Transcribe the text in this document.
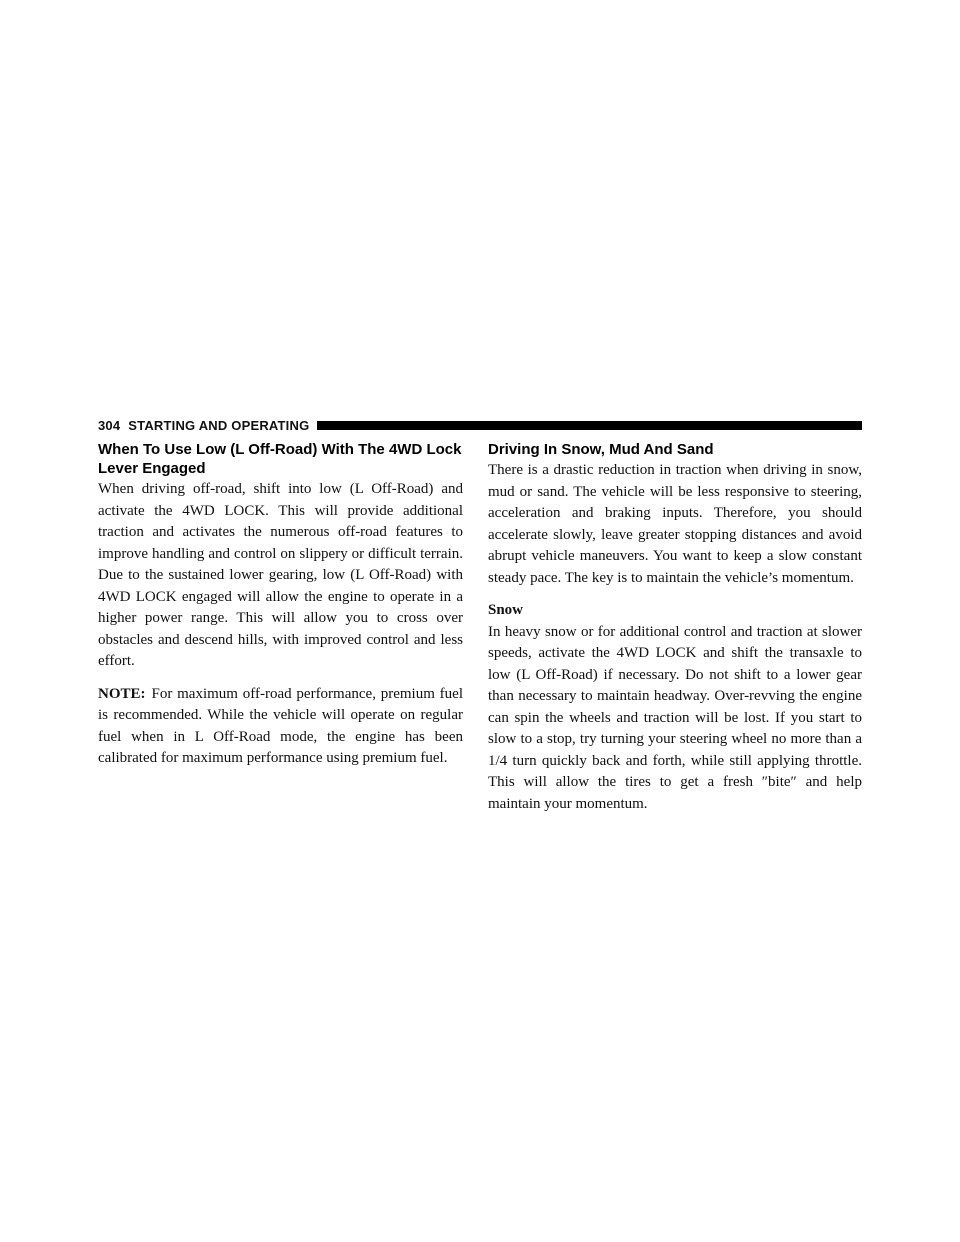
304 STARTING AND OPERATING
When To Use Low (L Off-Road) With The 4WD Lock Lever Engaged

When driving off-road, shift into low (L Off-Road) and activate the 4WD LOCK. This will provide additional traction and activates the numerous off-road features to improve handling and control on slippery or difficult terrain. Due to the sustained lower gearing, low (L Off-Road) with 4WD LOCK engaged will allow the engine to operate in a higher power range. This will allow you to cross over obstacles and descend hills, with improved control and less effort.

NOTE: For maximum off-road performance, premium fuel is recommended. While the vehicle will operate on regular fuel when in L Off-Road mode, the engine has been calibrated for maximum performance using premium fuel.

Driving In Snow, Mud And Sand

There is a drastic reduction in traction when driving in snow, mud or sand. The vehicle will be less responsive to steering, acceleration and braking inputs. Therefore, you should accelerate slowly, leave greater stopping distances and avoid abrupt vehicle maneuvers. You want to keep a slow constant steady pace. The key is to maintain the vehicle’s momentum.

Snow

In heavy snow or for additional control and traction at slower speeds, activate the 4WD LOCK and shift the transaxle to low (L Off-Road) if necessary. Do not shift to a lower gear than necessary to maintain headway. Over-revving the engine can spin the wheels and traction will be lost. If you start to slow to a stop, try turning your steering wheel no more than a 1/4 turn quickly back and forth, while still applying throttle. This will allow the tires to get a fresh ″bite″ and help maintain your momentum.
